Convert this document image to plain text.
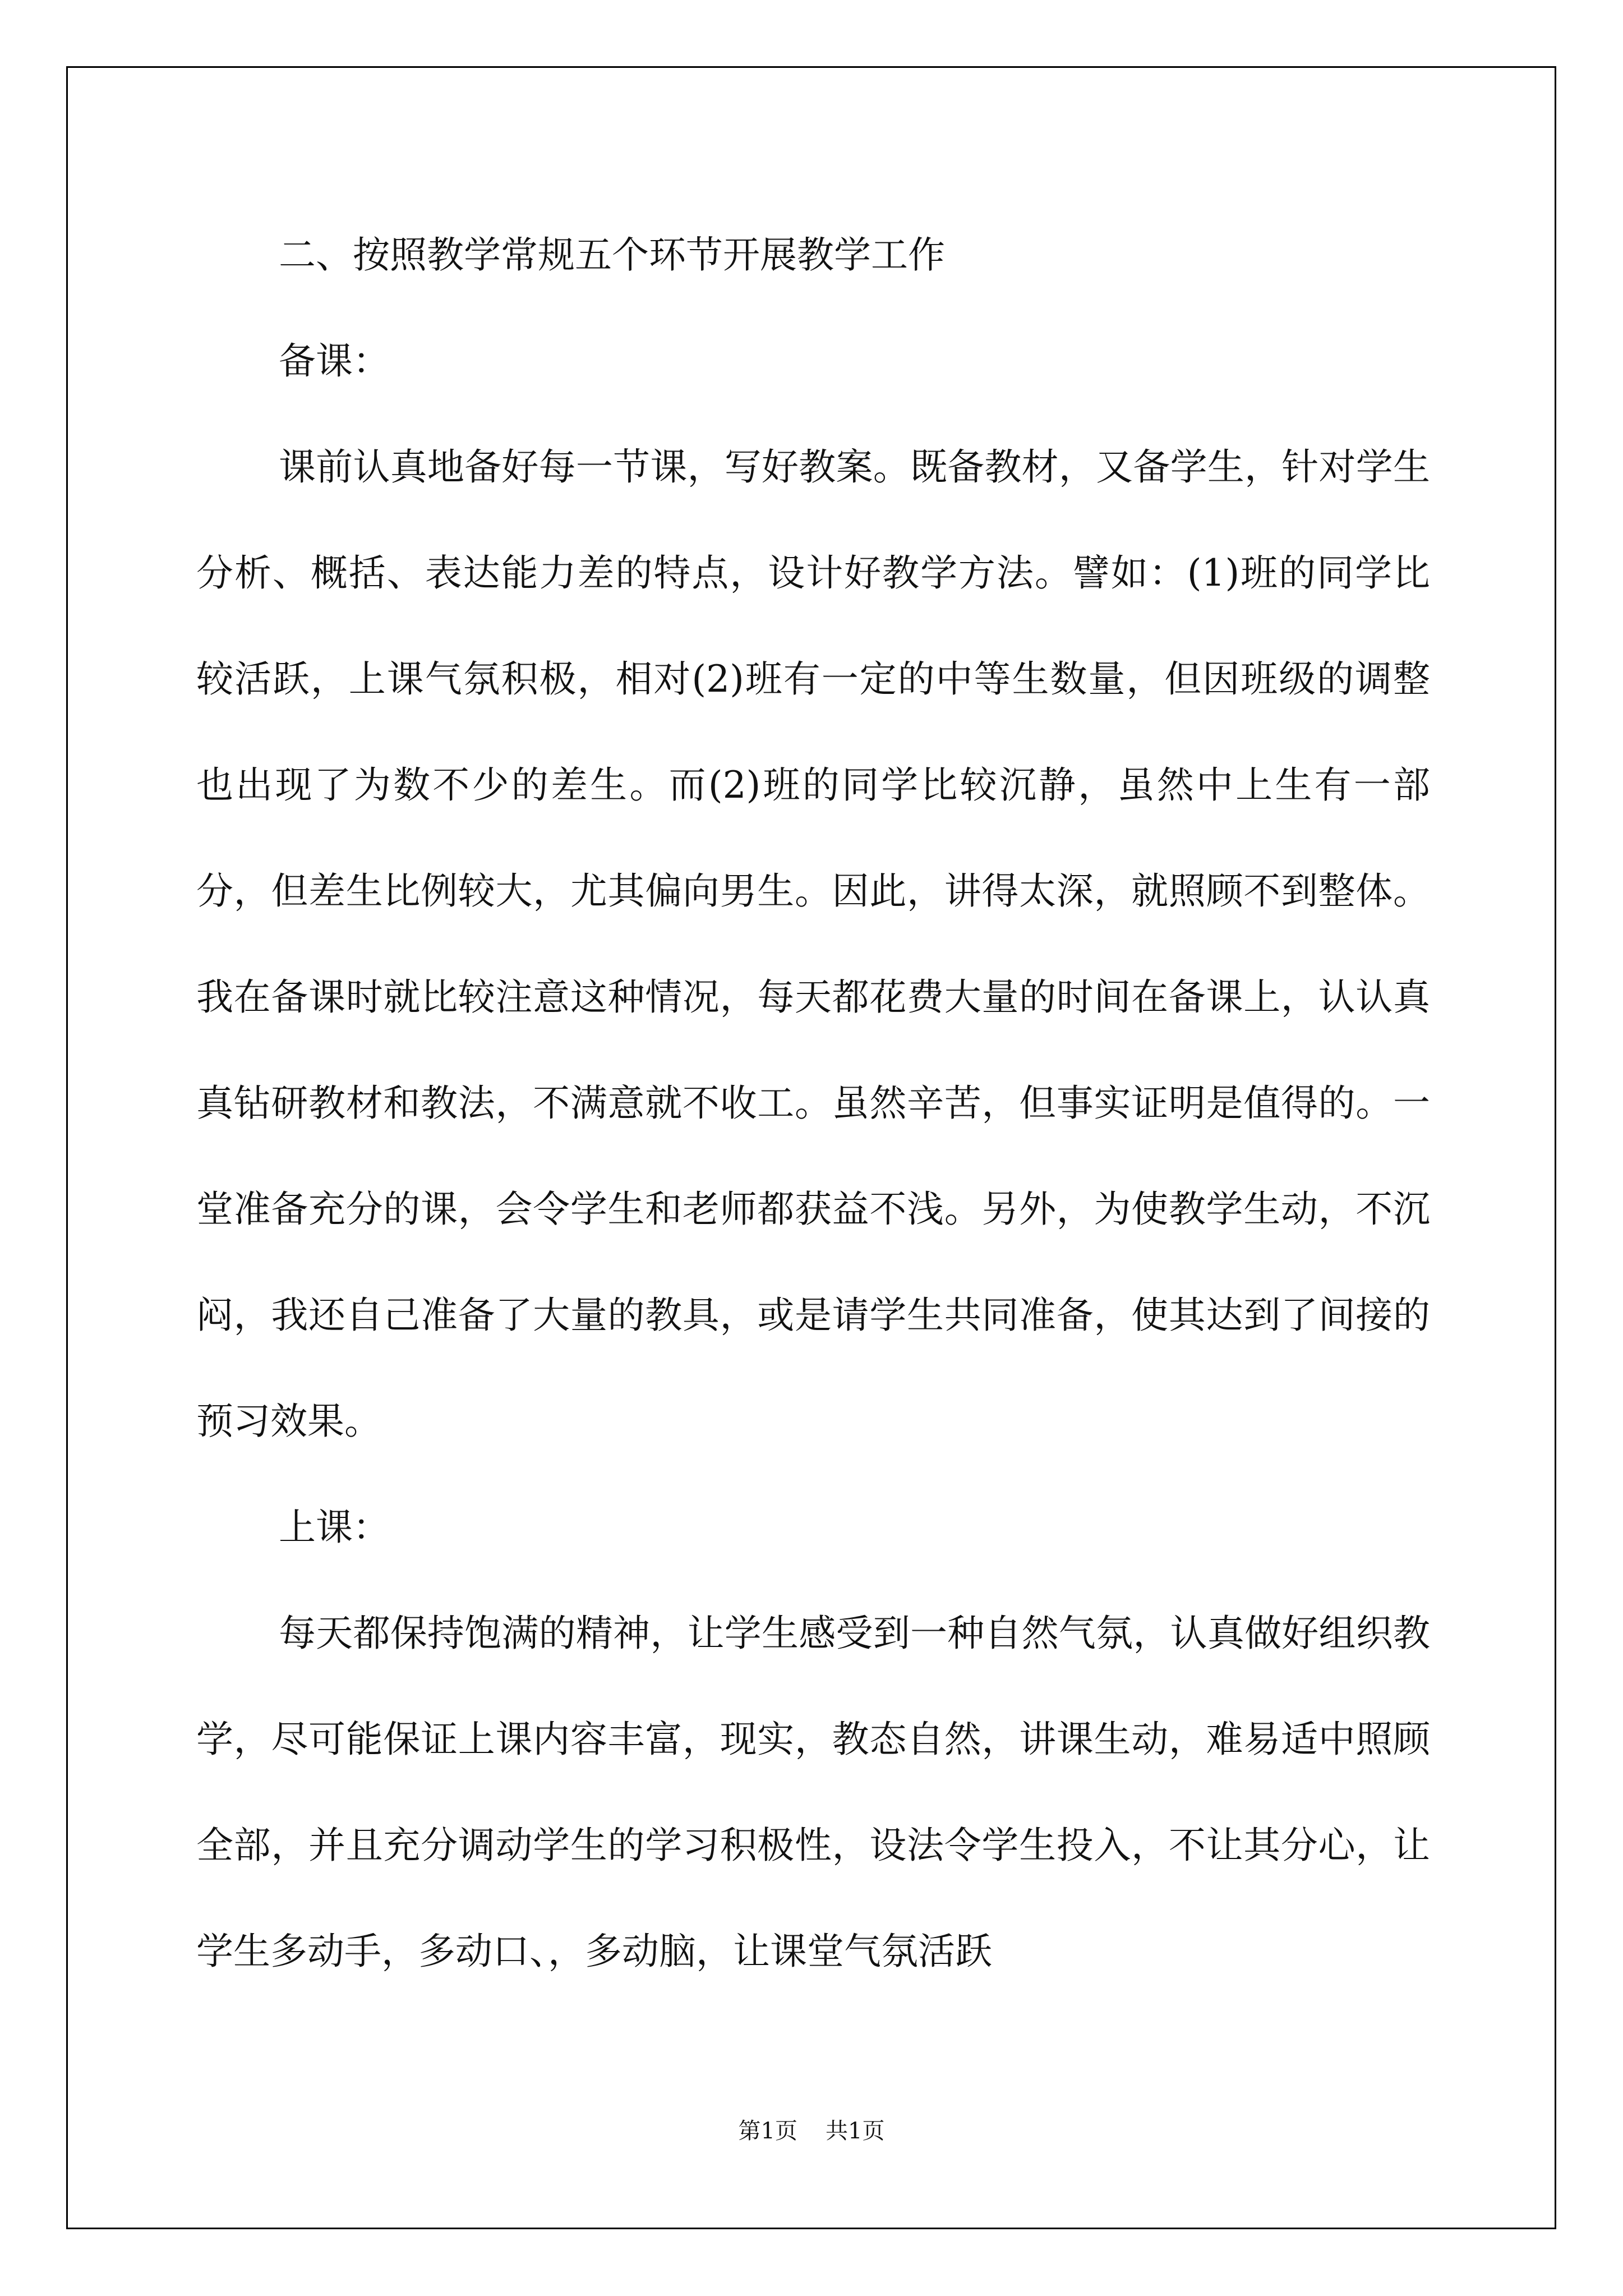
二、按照教学常规五个环节开展教学工作

备课：

课前认真地备好每一节课，写好教案。既备教材，又备学生，针对学生分析、概括、表达能力差的特点，设计好教学方法。譬如：(1)班的同学比较活跃，上课气氛积极，相对(2)班有一定的中等生数量，但因班级的调整也出现了为数不少的差生。而(2)班的同学比较沉静，虽然中上生有一部分，但差生比例较大，尤其偏向男生。因此，讲得太深，就照顾不到整体。我在备课时就比较注意这种情况，每天都花费大量的时间在备课上，认认真真钻研教材和教法，不满意就不收工。虽然辛苦，但事实证明是值得的。一堂准备充分的课，会令学生和老师都获益不浅。另外，为使教学生动，不沉闷，我还自己准备了大量的教具，或是请学生共同准备，使其达到了间接的预习效果。

上课：

每天都保持饱满的精神，让学生感受到一种自然气氛，认真做好组织教学，尽可能保证上课内容丰富，现实，教态自然，讲课生动，难易适中照顾全部，并且充分调动学生的学习积极性，设法令学生投入，不让其分心，让学生多动手，多动口、，多动脑，让课堂气氛活跃

第1页 共1页
